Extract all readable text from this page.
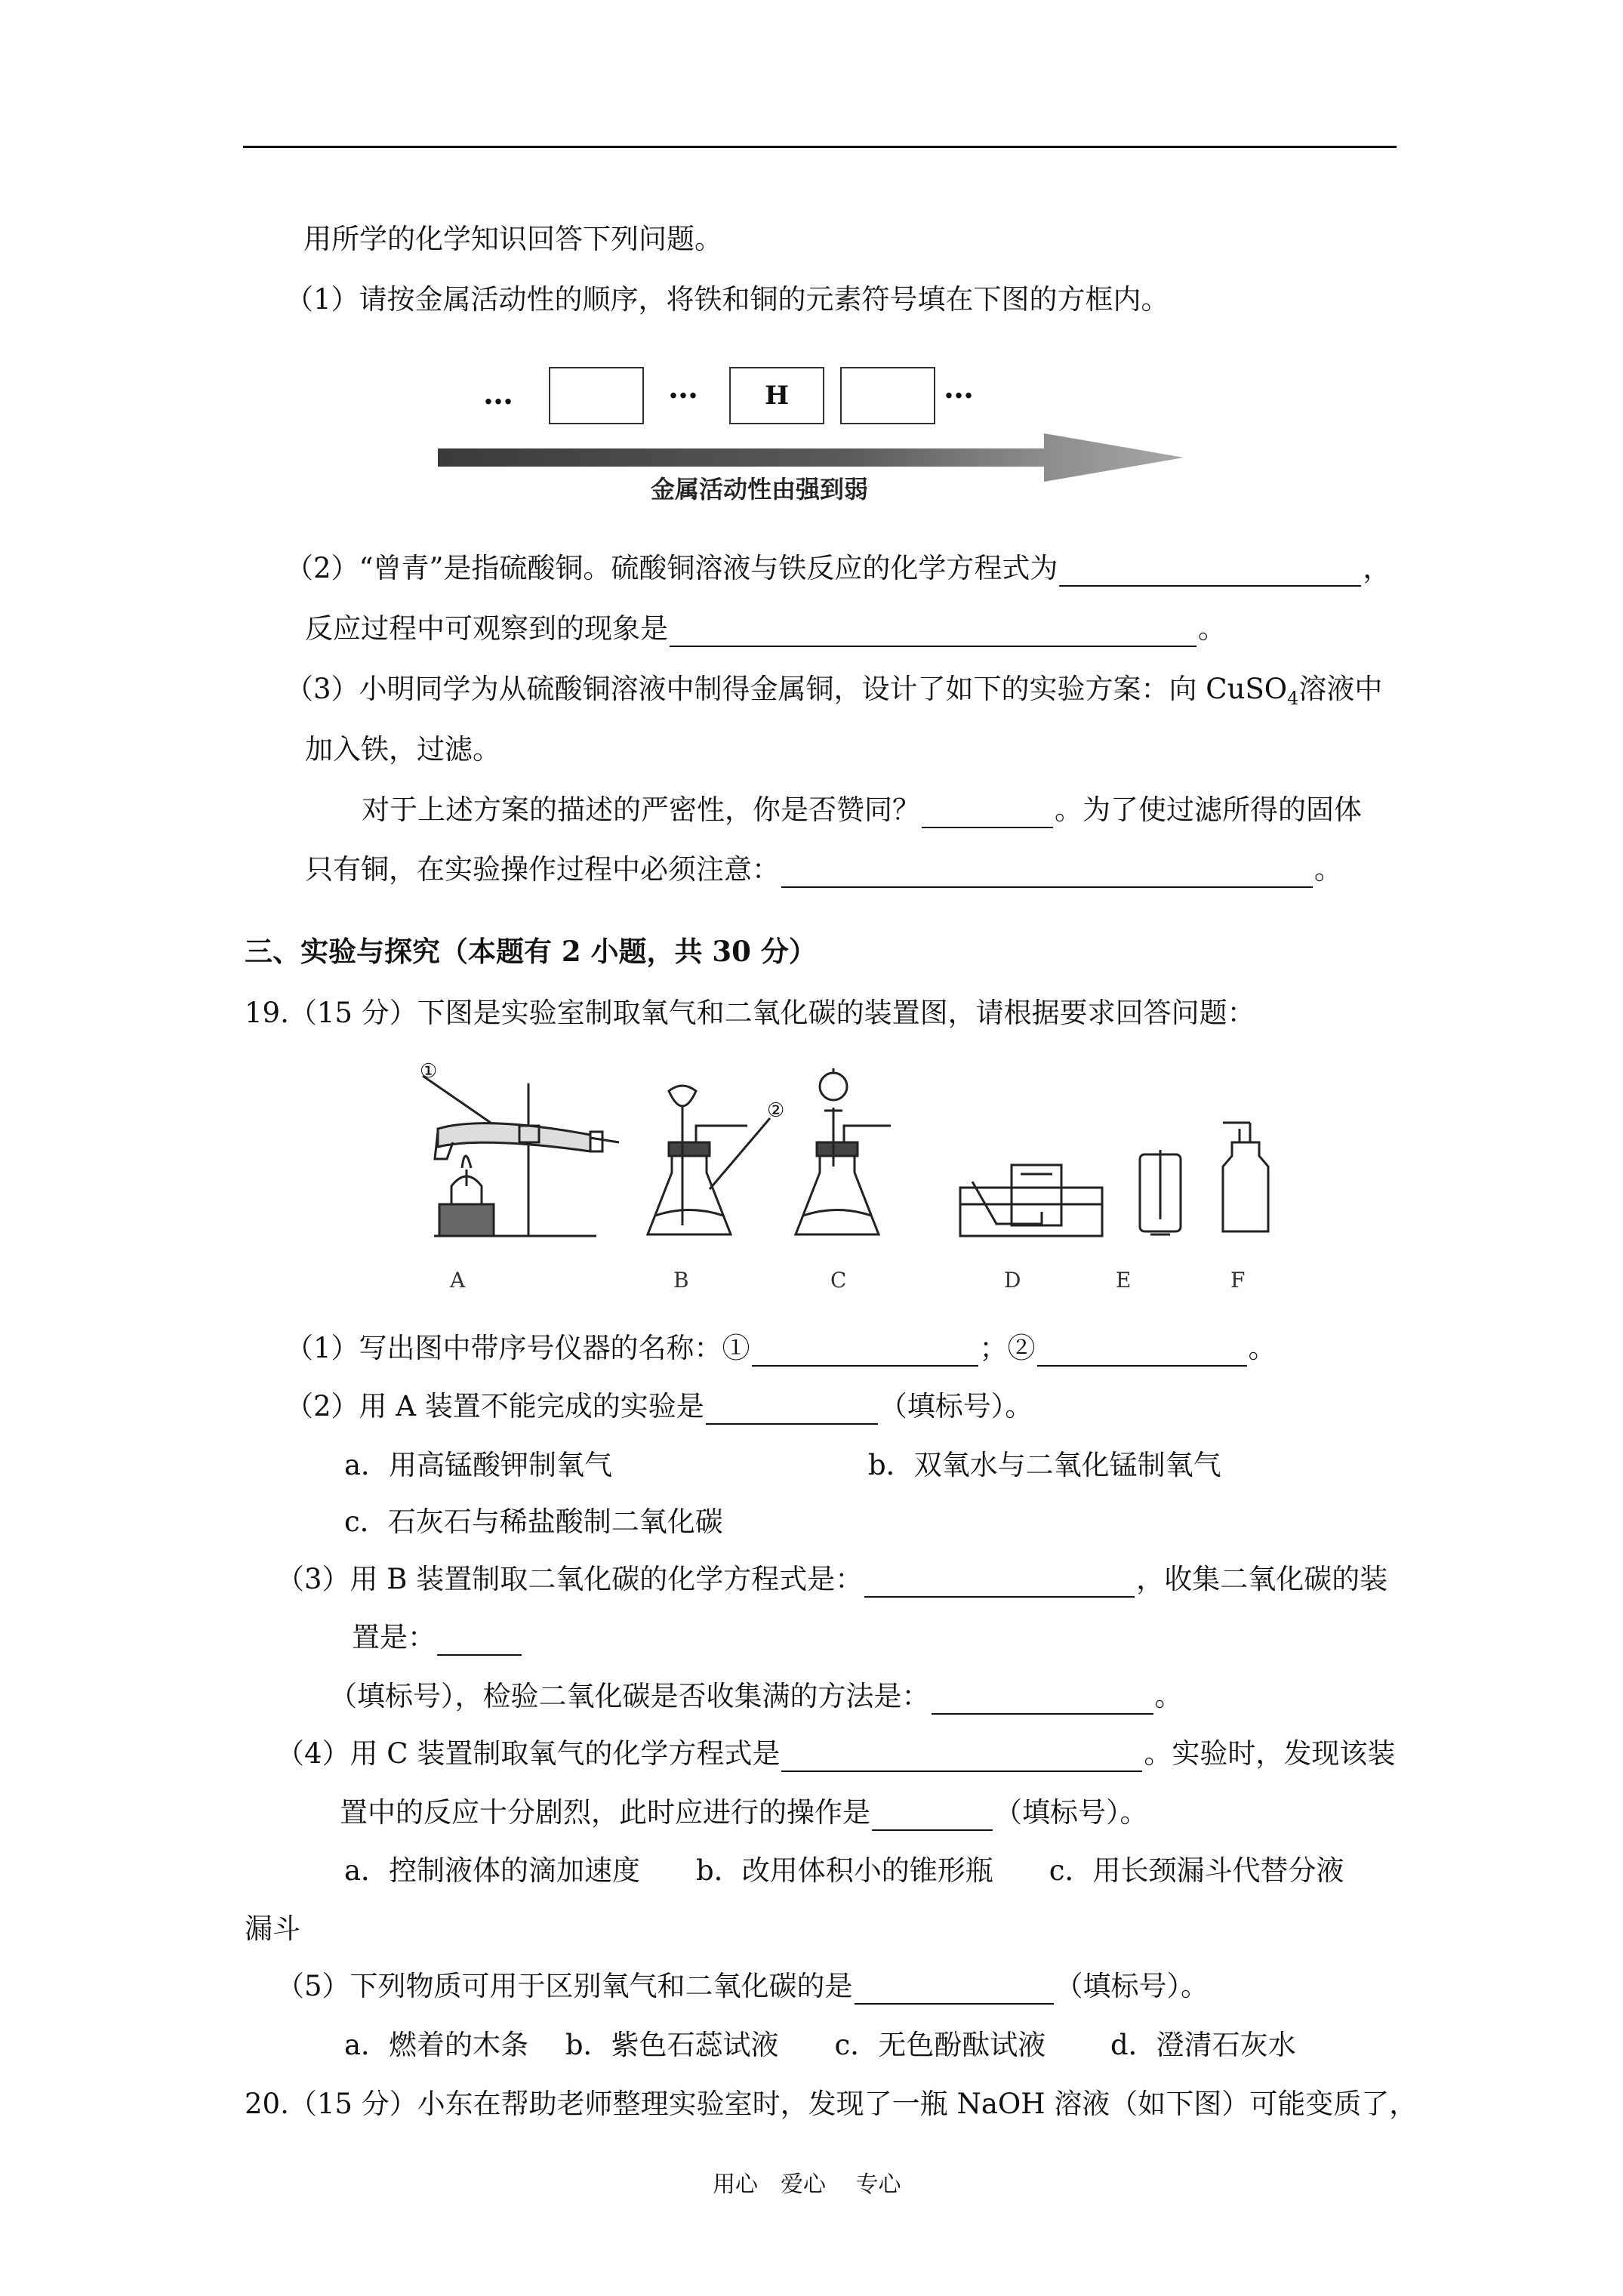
用所学的化学知识回答下列问题。
（1）请按金属活动性的顺序，将铁和铜的元素符号填在下图的方框内。
…	…	H	…
金属活动性由强到弱
（2）“曾青”是指硫酸铜。硫酸铜溶液与铁反应的化学方程式为	，
反应过程中可观察到的现象是	。
（3）小明同学为从硫酸铜溶液中制得金属铜，设计了如下的实验方案：向 CuSO$_4$溶液中
加入铁，过滤。
对于上述方案的描述的严密性，你是否赞同？	。为了使过滤所得的固体
只有铜，在实验操作过程中必须注意：	。
三、实验与探究（本题有 2 小题，共 30 分）
19.（15 分）下图是实验室制取氧气和二氧化碳的装置图，请根据要求回答问题：
①
②
A	B	C	D	E	F
（1）写出图中带序号仪器的名称：①	；②	。
（2）用 A 装置不能完成的实验是	（填标号）。
a．用高锰酸钾制氧气	b．双氧水与二氧化锰制氧气
c．石灰石与稀盐酸制二氧化碳
（3）用 B 装置制取二氧化碳的化学方程式是：	，收集二氧化碳的装
置是：
（填标号），检验二氧化碳是否收集满的方法是：	。
（4）用 C 装置制取氧气的化学方程式是	。实验时，发现该装
置中的反应十分剧烈，此时应进行的操作是	（填标号）。
a．控制液体的滴加速度　　b．改用体积小的锥形瓶　　c．用长颈漏斗代替分液
漏斗
（5）下列物质可用于区别氧气和二氧化碳的是	（填标号）。
a．燃着的木条　 b．紫色石蕊试液　　c．无色酚酞试液　　 d．澄清石灰水
20.（15 分）小东在帮助老师整理实验室时，发现了一瓶 NaOH 溶液（如下图）可能变质了，
用心　爱心　 专心
